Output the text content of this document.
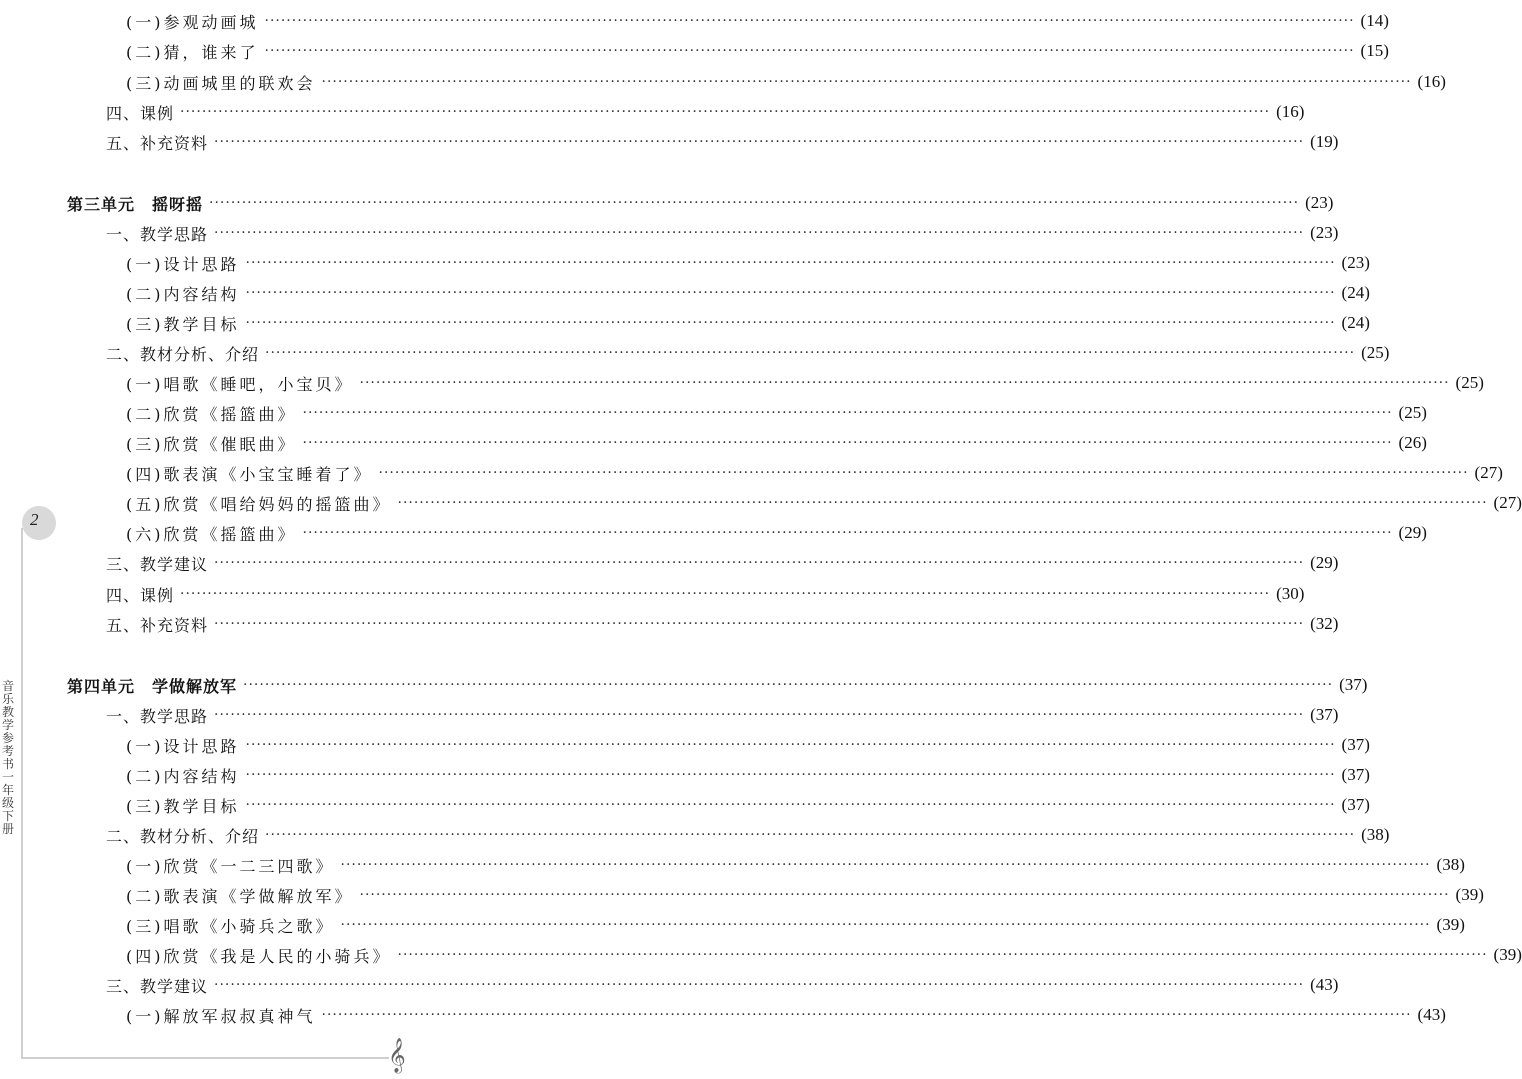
2
音乐教学参考书一年级下册
𝄞
(一)参观动画城 ········································································································································································································ (14)
(二)猜，谁来了 ········································································································································································································ (15)
(三)动画城里的联欢会 ········································································································································································································ (16)
四、课例 ········································································································································································································ (16)
五、补充资料 ········································································································································································································ (19)
第三单元　摇呀摇 ········································································································································································································ (23)
一、教学思路 ········································································································································································································ (23)
(一)设计思路 ········································································································································································································ (23)
(二)内容结构 ········································································································································································································ (24)
(三)教学目标 ········································································································································································································ (24)
二、教材分析、介绍 ········································································································································································································ (25)
(一)唱歌《睡吧，小宝贝》 ········································································································································································································ (25)
(二)欣赏《摇篮曲》 ········································································································································································································ (25)
(三)欣赏《催眠曲》 ········································································································································································································ (26)
(四)歌表演《小宝宝睡着了》 ········································································································································································································ (27)
(五)欣赏《唱给妈妈的摇篮曲》 ········································································································································································································ (27)
(六)欣赏《摇篮曲》 ········································································································································································································ (29)
三、教学建议 ········································································································································································································ (29)
四、课例 ········································································································································································································ (30)
五、补充资料 ········································································································································································································ (32)
第四单元　学做解放军 ········································································································································································································ (37)
一、教学思路 ········································································································································································································ (37)
(一)设计思路 ········································································································································································································ (37)
(二)内容结构 ········································································································································································································ (37)
(三)教学目标 ········································································································································································································ (37)
二、教材分析、介绍 ········································································································································································································ (38)
(一)欣赏《一二三四歌》 ········································································································································································································ (38)
(二)歌表演《学做解放军》 ········································································································································································································ (39)
(三)唱歌《小骑兵之歌》 ········································································································································································································ (39)
(四)欣赏《我是人民的小骑兵》 ········································································································································································································ (39)
三、教学建议 ········································································································································································································ (43)
(一)解放军叔叔真神气 ········································································································································································································ (43)
